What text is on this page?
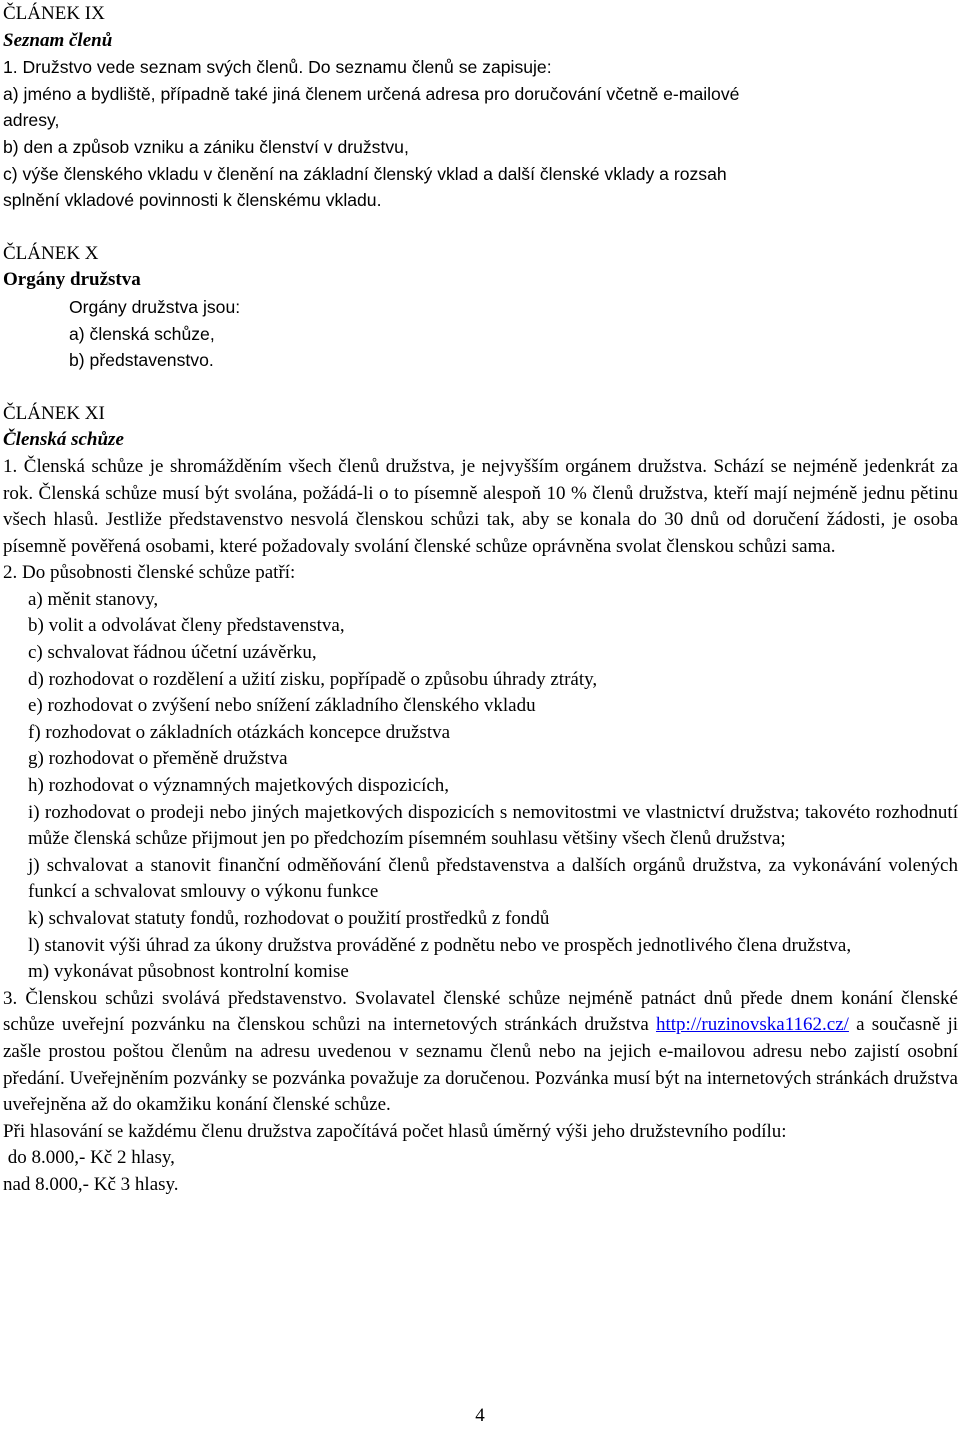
ČLÁNEK IX
Seznam členů
1. Družstvo vede seznam svých členů. Do seznamu členů se zapisuje:
a) jméno a bydliště, případně také jiná členem určená adresa pro doručování včetně e-mailové
adresy,
b) den a způsob vzniku a zániku členství v družstvu,
c) výše členského vkladu v členění na základní členský vklad a další členské vklady a rozsah
splnění vkladové povinnosti k členskému vkladu.
ČLÁNEK X
Orgány družstva
Orgány družstva jsou:
a) členská schůze,
b) představenstvo.
ČLÁNEK XI
Členská schůze
1. Členská schůze je shromážděním všech členů družstva, je nejvyšším orgánem družstva. Schází se nejméně jedenkrát za rok. Členská schůze musí být svolána, požádá-li o to písemně alespoň 10 % členů družstva, kteří mají nejméně jednu pětinu všech hlasů. Jestliže představenstvo nesvolá členskou schůzi tak, aby se konala do 30 dnů od doručení žádosti, je osoba písemně pověřená osobami, které požadovaly svolání členské schůze oprávněna svolat členskou schůzi sama.
2. Do působnosti členské schůze patří:
a) měnit stanovy,
b) volit a odvolávat členy představenstva,
c) schvalovat řádnou účetní uzávěrku,
d) rozhodovat o rozdělení a užití zisku, popřípadě o způsobu úhrady ztráty,
e) rozhodovat o zvýšení nebo snížení základního členského vkladu
f) rozhodovat o základních otázkách koncepce družstva
g) rozhodovat o přeměně družstva
h) rozhodovat o významných majetkových dispozicích,
i) rozhodovat o prodeji nebo jiných majetkových dispozicích s nemovitostmi ve vlastnictví družstva; takovéto rozhodnutí může členská schůze přijmout jen po předchozím písemném souhlasu většiny všech členů družstva;
j) schvalovat a stanovit finanční odměňování členů představenstva a dalších orgánů družstva, za vykonávání volených funkcí a schvalovat smlouvy o výkonu funkce
k) schvalovat statuty fondů, rozhodovat o použití prostředků z fondů
l) stanovit výši úhrad za úkony družstva prováděné z podnětu nebo ve prospěch jednotlivého člena družstva,
m) vykonávat působnost kontrolní komise

3. Členskou schůzi svolává představenstvo. Svolavatel členské schůze nejméně patnáct dnů přede dnem konání členské schůze uveřejní pozvánku na členskou schůzi na internetových stránkách družstva http://ruzinovska1162.cz/ a současně ji zašle prostou poštou členům na adresu uvedenou v seznamu členů nebo na jejich e-mailovou adresu nebo zajistí osobní předání. Uveřejněním pozvánky se pozvánka považuje za doručenou. Pozvánka musí být na internetových stránkách družstva uveřejněna až do okamžiku konání členské schůze.

Při hlasování se každému členu družstva započítává počet hlasů úměrný výši jeho družstevního podílu:
do 8.000,- Kč 2 hlasy,
nad 8.000,- Kč 3 hlasy.
4
